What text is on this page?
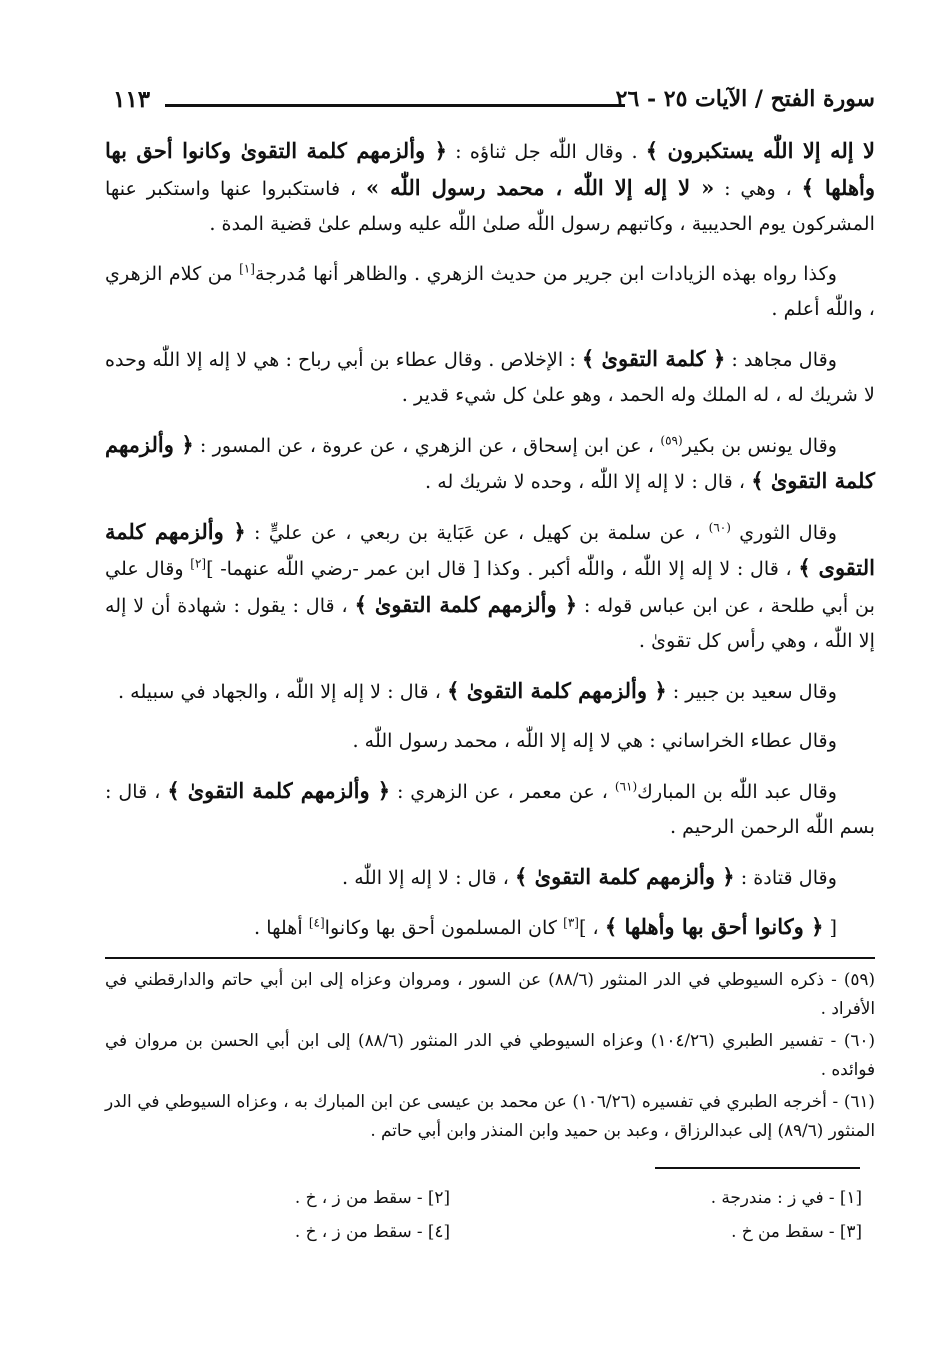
١١٣	سورة الفتح / الآيات ٢٥ - ٢٦

لا إله إلا اللّٰه يستكبرون ﴾ . وقال اللّٰه جل ثناؤه : ﴿ وألزمهم كلمة التقوىٰ وكانوا أحق بها وأهلها ﴾ ، وهي : « لا إله إلا اللّٰه ، محمد رسول اللّٰه » ، فاستكبروا عنها واستكبر عنها المشركون يوم الحديبية ، وكاتبهم رسول اللّٰه صلىٰ اللّٰه عليه وسلم علىٰ قضية المدة .

وكذا رواه بهذه الزيادات ابن جرير من حديث الزهري . والظاهر أنها مُدرجة[١] من كلام الزهري ، واللّٰه أعلم .

وقال مجاهد : ﴿ كلمة التقوىٰ ﴾ : الإخلاص . وقال عطاء بن أبي رباح : هي لا إله إلا اللّٰه وحده لا شريك له ، له الملك وله الحمد ، وهو علىٰ كل شيء قدير .

وقال يونس بن بكير$^{(٥٩)}$ ، عن ابن إسحاق ، عن الزهري ، عن عروة ، عن المسور : ﴿ وألزمهم كلمة التقوىٰ ﴾ ، قال : لا إله إلا اللّٰه ، وحده لا شريك له .

وقال الثوري $^{(٦٠)}$ ، عن سلمة بن كهيل ، عن عَبَاية بن ربعي ، عن عليٍّ : ﴿ وألزمهم كلمة التقوى ﴾ ، قال : لا إله إلا اللّٰه ، واللّٰه أكبر . وكذا [ قال ابن عمر -رضي اللّٰه عنهما- ][٢] وقال علي بن أبي طلحة ، عن ابن عباس قوله : ﴿ وألزمهم كلمة التقوىٰ ﴾ ، قال : يقول : شهادة أن لا إله إلا اللّٰه ، وهي رأس كل تقوىٰ .

وقال سعيد بن جبير : ﴿ وألزمهم كلمة التقوىٰ ﴾ ، قال : لا إله إلا اللّٰه ، والجهاد في سبيله .

وقال عطاء الخراساني : هي لا إله إلا اللّٰه ، محمد رسول اللّٰه .

وقال عبد اللّٰه بن المبارك$^{(٦١)}$ ، عن معمر ، عن الزهري : ﴿ وألزمهم كلمة التقوىٰ ﴾ ، قال : بسم اللّٰه الرحمن الرحيم .

وقال قتادة : ﴿ وألزمهم كلمة التقوىٰ ﴾ ، قال : لا إله إلا اللّٰه .

[ ﴿ وكانوا أحق بها وأهلها ﴾ ، ][٣] كان المسلمون أحق بها وكانوا[٤] أهلها .

(٥٩) - ذكره السيوطي في الدر المنثور (٨٨/٦) عن السور ، ومروان وعزاه إلى ابن أبي حاتم والدارقطني في الأفراد .

(٦٠) - تفسير الطبري (١٠٤/٢٦) وعزاه السيوطي في الدر المنثور (٨٨/٦) إلى ابن أبي الحسن بن مروان في فوائده .

(٦١) - أخرجه الطبري في تفسيره (١٠٦/٢٦) عن محمد بن عيسى عن ابن المبارك به ، وعزاه السيوطي في الدر المنثور (٨٩/٦) إلى عبدالرزاق ، وعبد بن حميد وابن المنذر وابن أبي حاتم .

[١] - في ز : مندرجة .
[٢] - سقط من ز ، خ .
[٣] - سقط من خ .
[٤] - سقط من ز ، خ .
